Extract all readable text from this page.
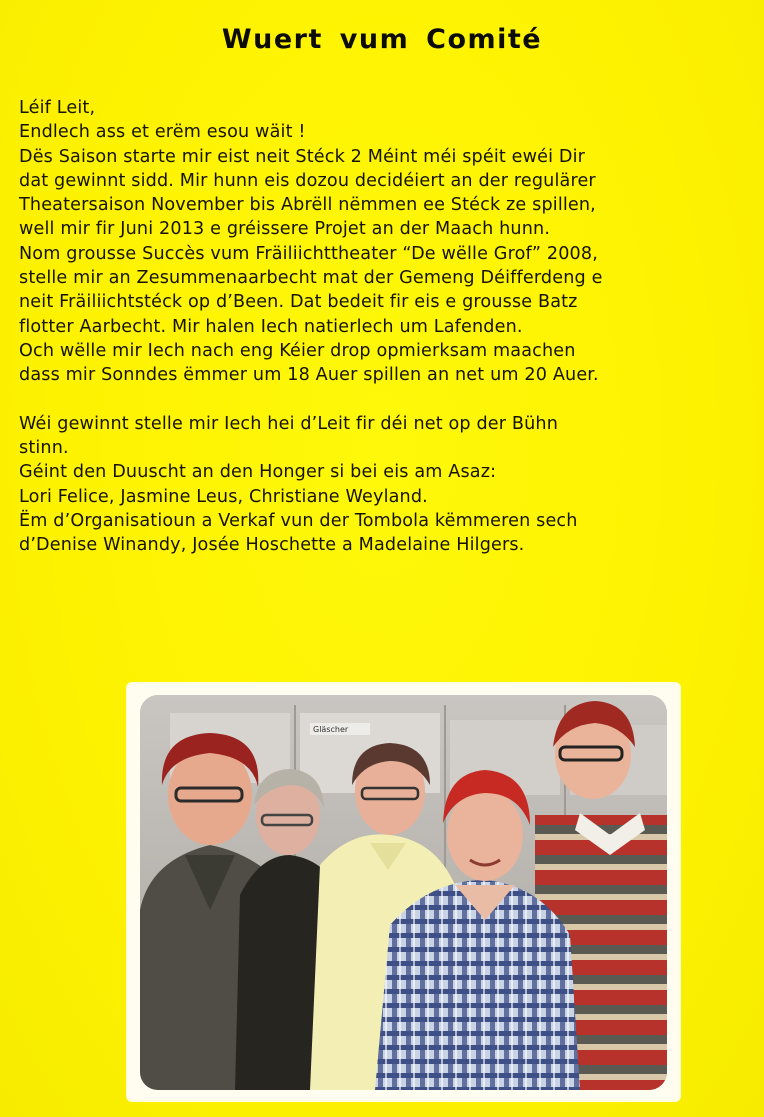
Wuert vum Comité
Léif Leit,
Endlech ass et erëm esou wäit !
Dës Saison starte mir eist neit Stéck 2 Méint méi spéit ewéi Dir
dat gewinnt sidd. Mir hunn eis dozou decidéiert an der regulärer
Theatersaison November bis Abrëll nëmmen ee Stéck ze spillen,
well mir fir Juni 2013 e gréissere Projet an der Maach hunn.
Nom grousse Succès vum Fräiliichttheater “De wëlle Grof” 2008,
stelle mir an Zesummenaarbecht mat der Gemeng Déifferdeng e
neit Fräiliichtstéck op d’Been. Dat bedeit fir eis e grousse Batz
flotter Aarbecht. Mir halen Iech natierlech um Lafenden.
Och wëlle mir Iech nach eng Kéier drop opmierksam maachen
dass mir Sonndes ëmmer um 18 Auer spillen an net um 20 Auer.
Wéi gewinnt stelle mir Iech hei d’Leit fir déi net op der Bühn
stinn.
Géint den Duuscht an den Honger si bei eis am Asaz:
Lori Felice, Jasmine Leus, Christiane Weyland.
Ëm d’Organisatioun a Verkaf vun der Tombola këmmeren sech
d’Denise Winandy, Josée Hoschette a Madelaine Hilgers.
Gläscher
